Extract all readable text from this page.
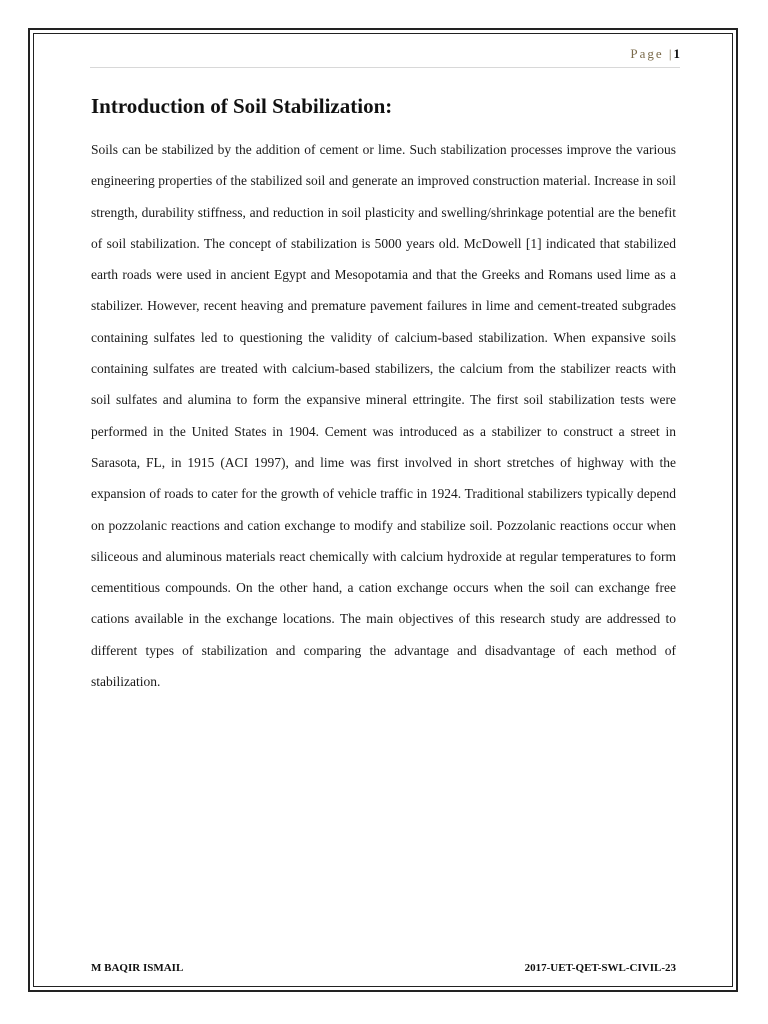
Page |1
Introduction of Soil Stabilization:

Soils can be stabilized by the addition of cement or lime. Such stabilization processes improve the various engineering properties of the stabilized soil and generate an improved construction material. Increase in soil strength, durability stiffness, and reduction in soil plasticity and swelling/shrinkage potential are the benefit of soil stabilization. The concept of stabilization is 5000 years old. McDowell [1] indicated that stabilized earth roads were used in ancient Egypt and Mesopotamia and that the Greeks and Romans used lime as a stabilizer. However, recent heaving and premature pavement failures in lime and cement-treated subgrades containing sulfates led to questioning the validity of calcium-based stabilization. When expansive soils containing sulfates are treated with calcium-based stabilizers, the calcium from the stabilizer reacts with soil sulfates and alumina to form the expansive mineral ettringite. The first soil stabilization tests were performed in the United States in 1904. Cement was introduced as a stabilizer to construct a street in Sarasota, FL, in 1915 (ACI 1997), and lime was first involved in short stretches of highway with the expansion of roads to cater for the growth of vehicle traffic in 1924. Traditional stabilizers typically depend on pozzolanic reactions and cation exchange to modify and stabilize soil. Pozzolanic reactions occur when siliceous and aluminous materials react chemically with calcium hydroxide at regular temperatures to form cementitious compounds. On the other hand, a cation exchange occurs when the soil can exchange free cations available in the exchange locations. The main objectives of this research study are addressed to different types of stabilization and comparing the advantage and disadvantage of each method of stabilization.

M BAQIR ISMAIL	2017-UET-QET-SWL-CIVIL-23
